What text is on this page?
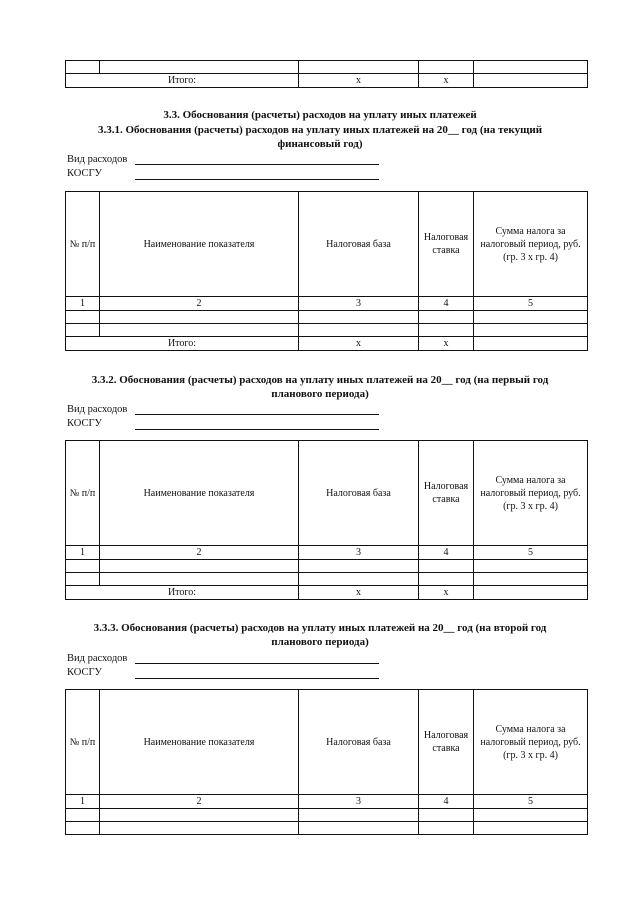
Итого:		x	x	
3.3. Обоснования (расчеты) расходов на уплату иных платежей
3.3.1. Обоснования (расчеты) расходов на уплату иных платежей на 20__ год (на текущий
финансовый год)
Вид расходов
КОСГУ
№ п/п	Наименование показателя	Налоговая база	Налоговая ставка	Сумма налога за налоговый период, руб. (гр. 3 х гр. 4)
1	2	3	4	5

Итого:		x	x	
3.3.2. Обоснования (расчеты) расходов на уплату иных платежей на 20__ год (на первый год
планового периода)
Вид расходов
КОСГУ
№ п/п	Наименование показателя	Налоговая база	Налоговая ставка	Сумма налога за налоговый период, руб. (гр. 3 х гр. 4)
1	2	3	4	5

Итого:		x	x	
3.3.3. Обоснования (расчеты) расходов на уплату иных платежей на 20__ год (на второй год
планового периода)
Вид расходов
КОСГУ
№ п/п	Наименование показателя	Налоговая база	Налоговая ставка	Сумма налога за налоговый период, руб. (гр. 3 х гр. 4)
1	2	3	4	5
